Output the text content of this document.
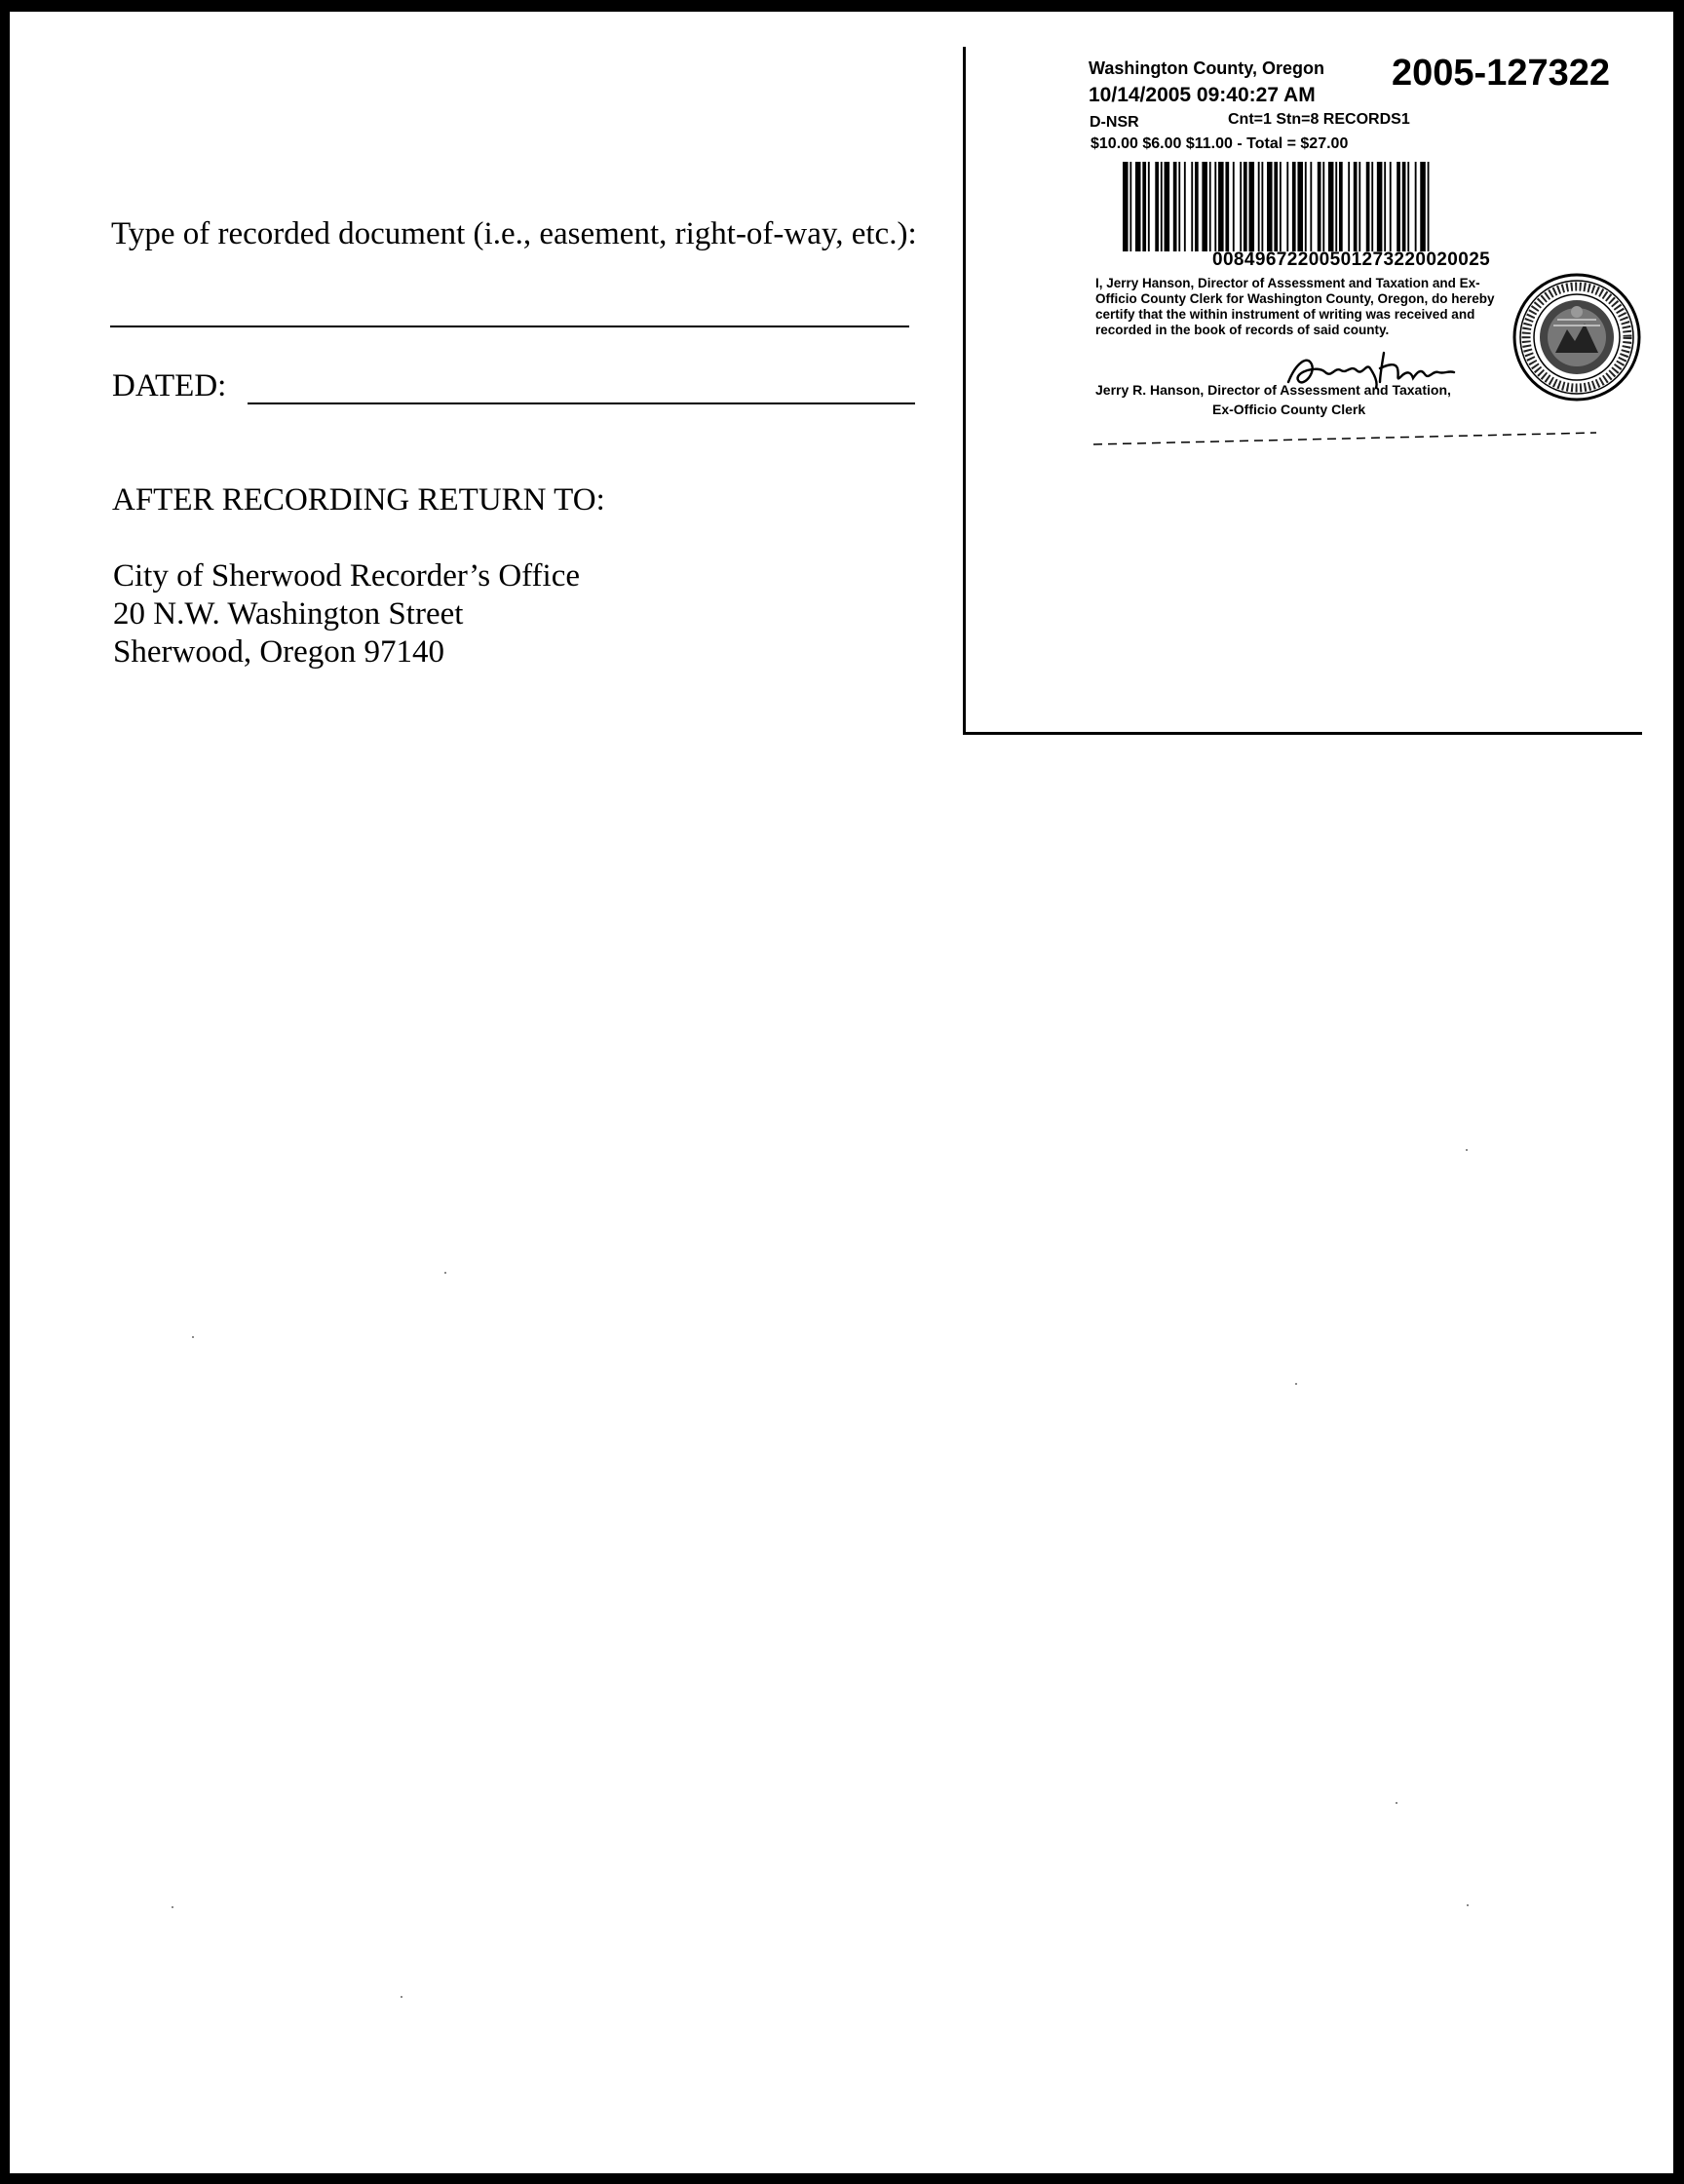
Type of recorded document (i.e., easement, right-of-way, etc.):
DATED:
AFTER RECORDING RETURN TO:
City of Sherwood Recorder’s Office
20 N.W. Washington Street
Sherwood, Oregon 97140
Washington County, Oregon 2005-127322
10/14/2005 09:40:27 AM
D-NSR	Cnt=1 Stn=8 RECORDS1
$10.00 $6.00 $11.00 - Total = $27.00
00849672200501273220020025
I, Jerry Hanson, Director of Assessment and Taxation and Ex-Officio County Clerk for Washington County, Oregon, do hereby certify that the within instrument of writing was received and recorded in the book of records of said county.
Jerry R. Hanson, Director of Assessment and Taxation,
Ex-Officio County Clerk
